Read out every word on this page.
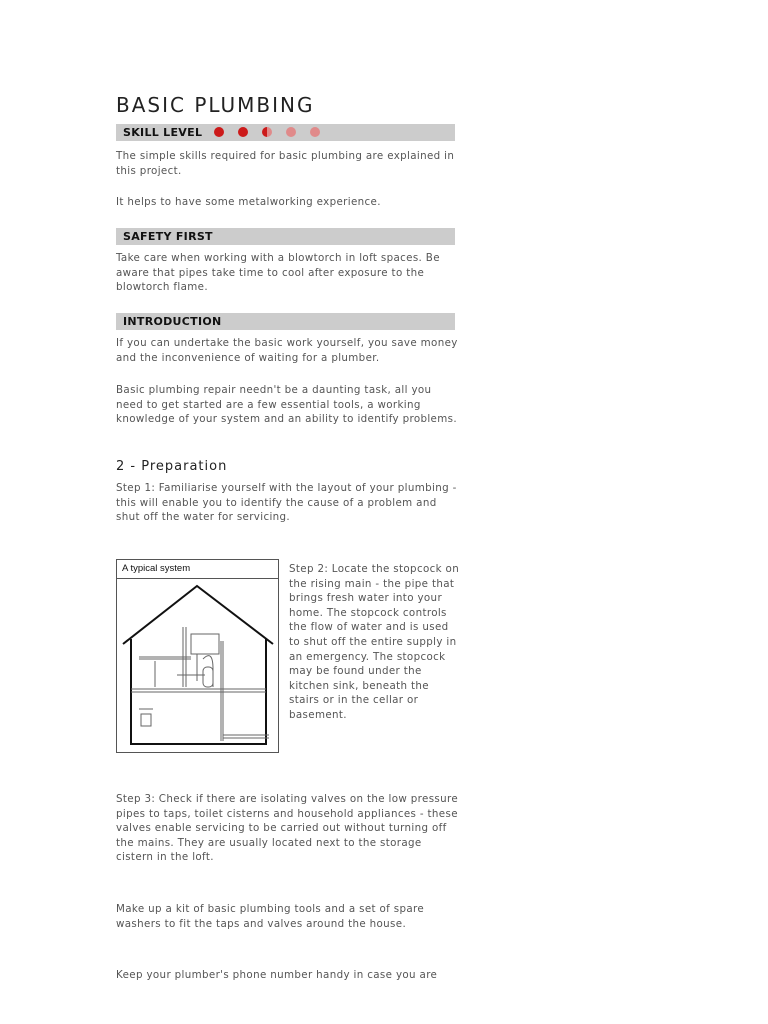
BASIC PLUMBING
SKILL LEVEL

The simple skills required for basic plumbing are explained in this project.

It helps to have some metalworking experience.

SAFETY FIRST

Take care when working with a blowtorch in loft spaces. Be aware that pipes take time to cool after exposure to the blowtorch flame.

INTRODUCTION

If you can undertake the basic work yourself, you save money and the inconvenience of waiting for a plumber.

Basic plumbing repair needn't be a daunting task, all you need to get started are a few essential tools, a working knowledge of your system and an ability to identify problems.

2 - Preparation

Step 1: Familiarise yourself with the layout of your plumbing - this will enable you to identify the cause of a problem and shut off the water for servicing.

A typical system	Step 2: Locate the stopcock on the rising main - the pipe that brings fresh water into your home. The stopcock controls the flow of water and is used to shut off the entire supply in an emergency. The stopcock may be found under the kitchen sink, beneath the stairs or in the cellar or basement.

Step 3: Check if there are isolating valves on the low pressure pipes to taps, toilet cisterns and household appliances - these valves enable servicing to be carried out without turning off the mains. They are usually located next to the storage cistern in the loft.

Make up a kit of basic plumbing tools and a set of spare washers to fit the taps and valves around the house.

Keep your plumber's phone number handy in case you are
